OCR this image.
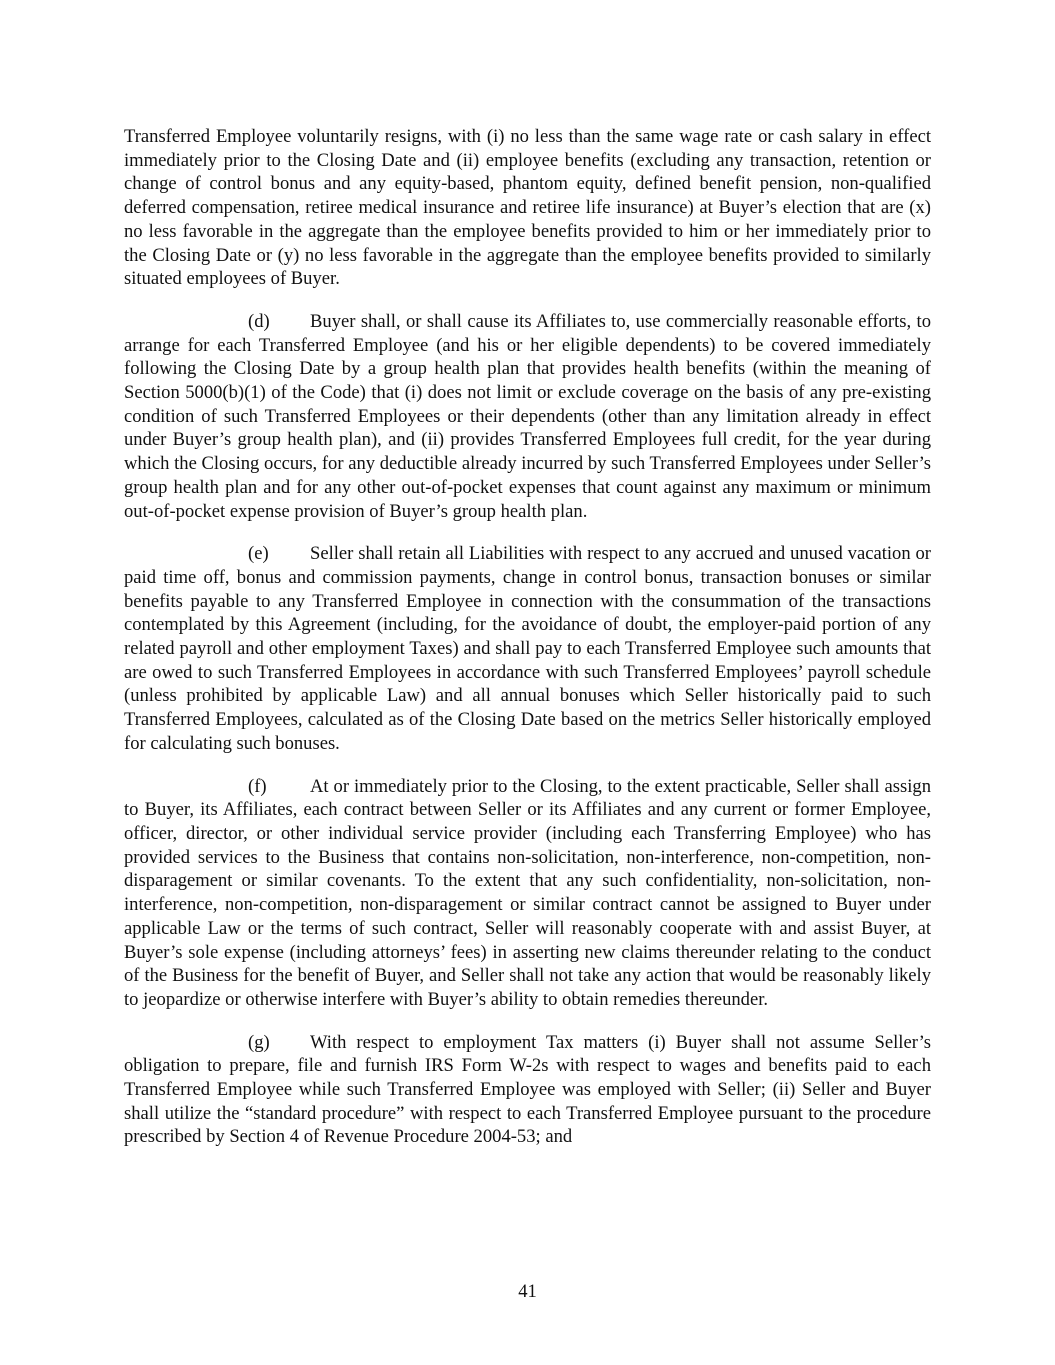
Transferred Employee voluntarily resigns, with (i) no less than the same wage rate or cash salary in effect immediately prior to the Closing Date and (ii) employee benefits (excluding any transaction, retention or change of control bonus and any equity-based, phantom equity, defined benefit pension, non-qualified deferred compensation, retiree medical insurance and retiree life insurance) at Buyer’s election that are (x) no less favorable in the aggregate than the employee benefits provided to him or her immediately prior to the Closing Date or (y) no less favorable in the aggregate than the employee benefits provided to similarly situated employees of Buyer.

(d) Buyer shall, or shall cause its Affiliates to, use commercially reasonable efforts, to arrange for each Transferred Employee (and his or her eligible dependents) to be covered immediately following the Closing Date by a group health plan that provides health benefits (within the meaning of Section 5000(b)(1) of the Code) that (i) does not limit or exclude coverage on the basis of any pre-existing condition of such Transferred Employees or their dependents (other than any limitation already in effect under Buyer’s group health plan), and (ii) provides Transferred Employees full credit, for the year during which the Closing occurs, for any deductible already incurred by such Transferred Employees under Seller’s group health plan and for any other out-of-pocket expenses that count against any maximum or minimum out-of-pocket expense provision of Buyer’s group health plan.

(e) Seller shall retain all Liabilities with respect to any accrued and unused vacation or paid time off, bonus and commission payments, change in control bonus, transaction bonuses or similar benefits payable to any Transferred Employee in connection with the consummation of the transactions contemplated by this Agreement (including, for the avoidance of doubt, the employer-paid portion of any related payroll and other employment Taxes) and shall pay to each Transferred Employee such amounts that are owed to such Transferred Employees in accordance with such Transferred Employees’ payroll schedule (unless prohibited by applicable Law) and all annual bonuses which Seller historically paid to such Transferred Employees, calculated as of the Closing Date based on the metrics Seller historically employed for calculating such bonuses.

(f) At or immediately prior to the Closing, to the extent practicable, Seller shall assign to Buyer, its Affiliates, each contract between Seller or its Affiliates and any current or former Employee, officer, director, or other individual service provider (including each Transferring Employee) who has provided services to the Business that contains non-solicitation, non-interference, non-competition, non-disparagement or similar covenants. To the extent that any such confidentiality, non-solicitation, non-interference, non-competition, non-disparagement or similar contract cannot be assigned to Buyer under applicable Law or the terms of such contract, Seller will reasonably cooperate with and assist Buyer, at Buyer’s sole expense (including attorneys’ fees) in asserting new claims thereunder relating to the conduct of the Business for the benefit of Buyer, and Seller shall not take any action that would be reasonably likely to jeopardize or otherwise interfere with Buyer’s ability to obtain remedies thereunder.

(g) With respect to employment Tax matters (i) Buyer shall not assume Seller’s obligation to prepare, file and furnish IRS Form W-2s with respect to wages and benefits paid to each Transferred Employee while such Transferred Employee was employed with Seller; (ii) Seller and Buyer shall utilize the “standard procedure” with respect to each Transferred Employee pursuant to the procedure prescribed by Section 4 of Revenue Procedure 2004-53; and

41
